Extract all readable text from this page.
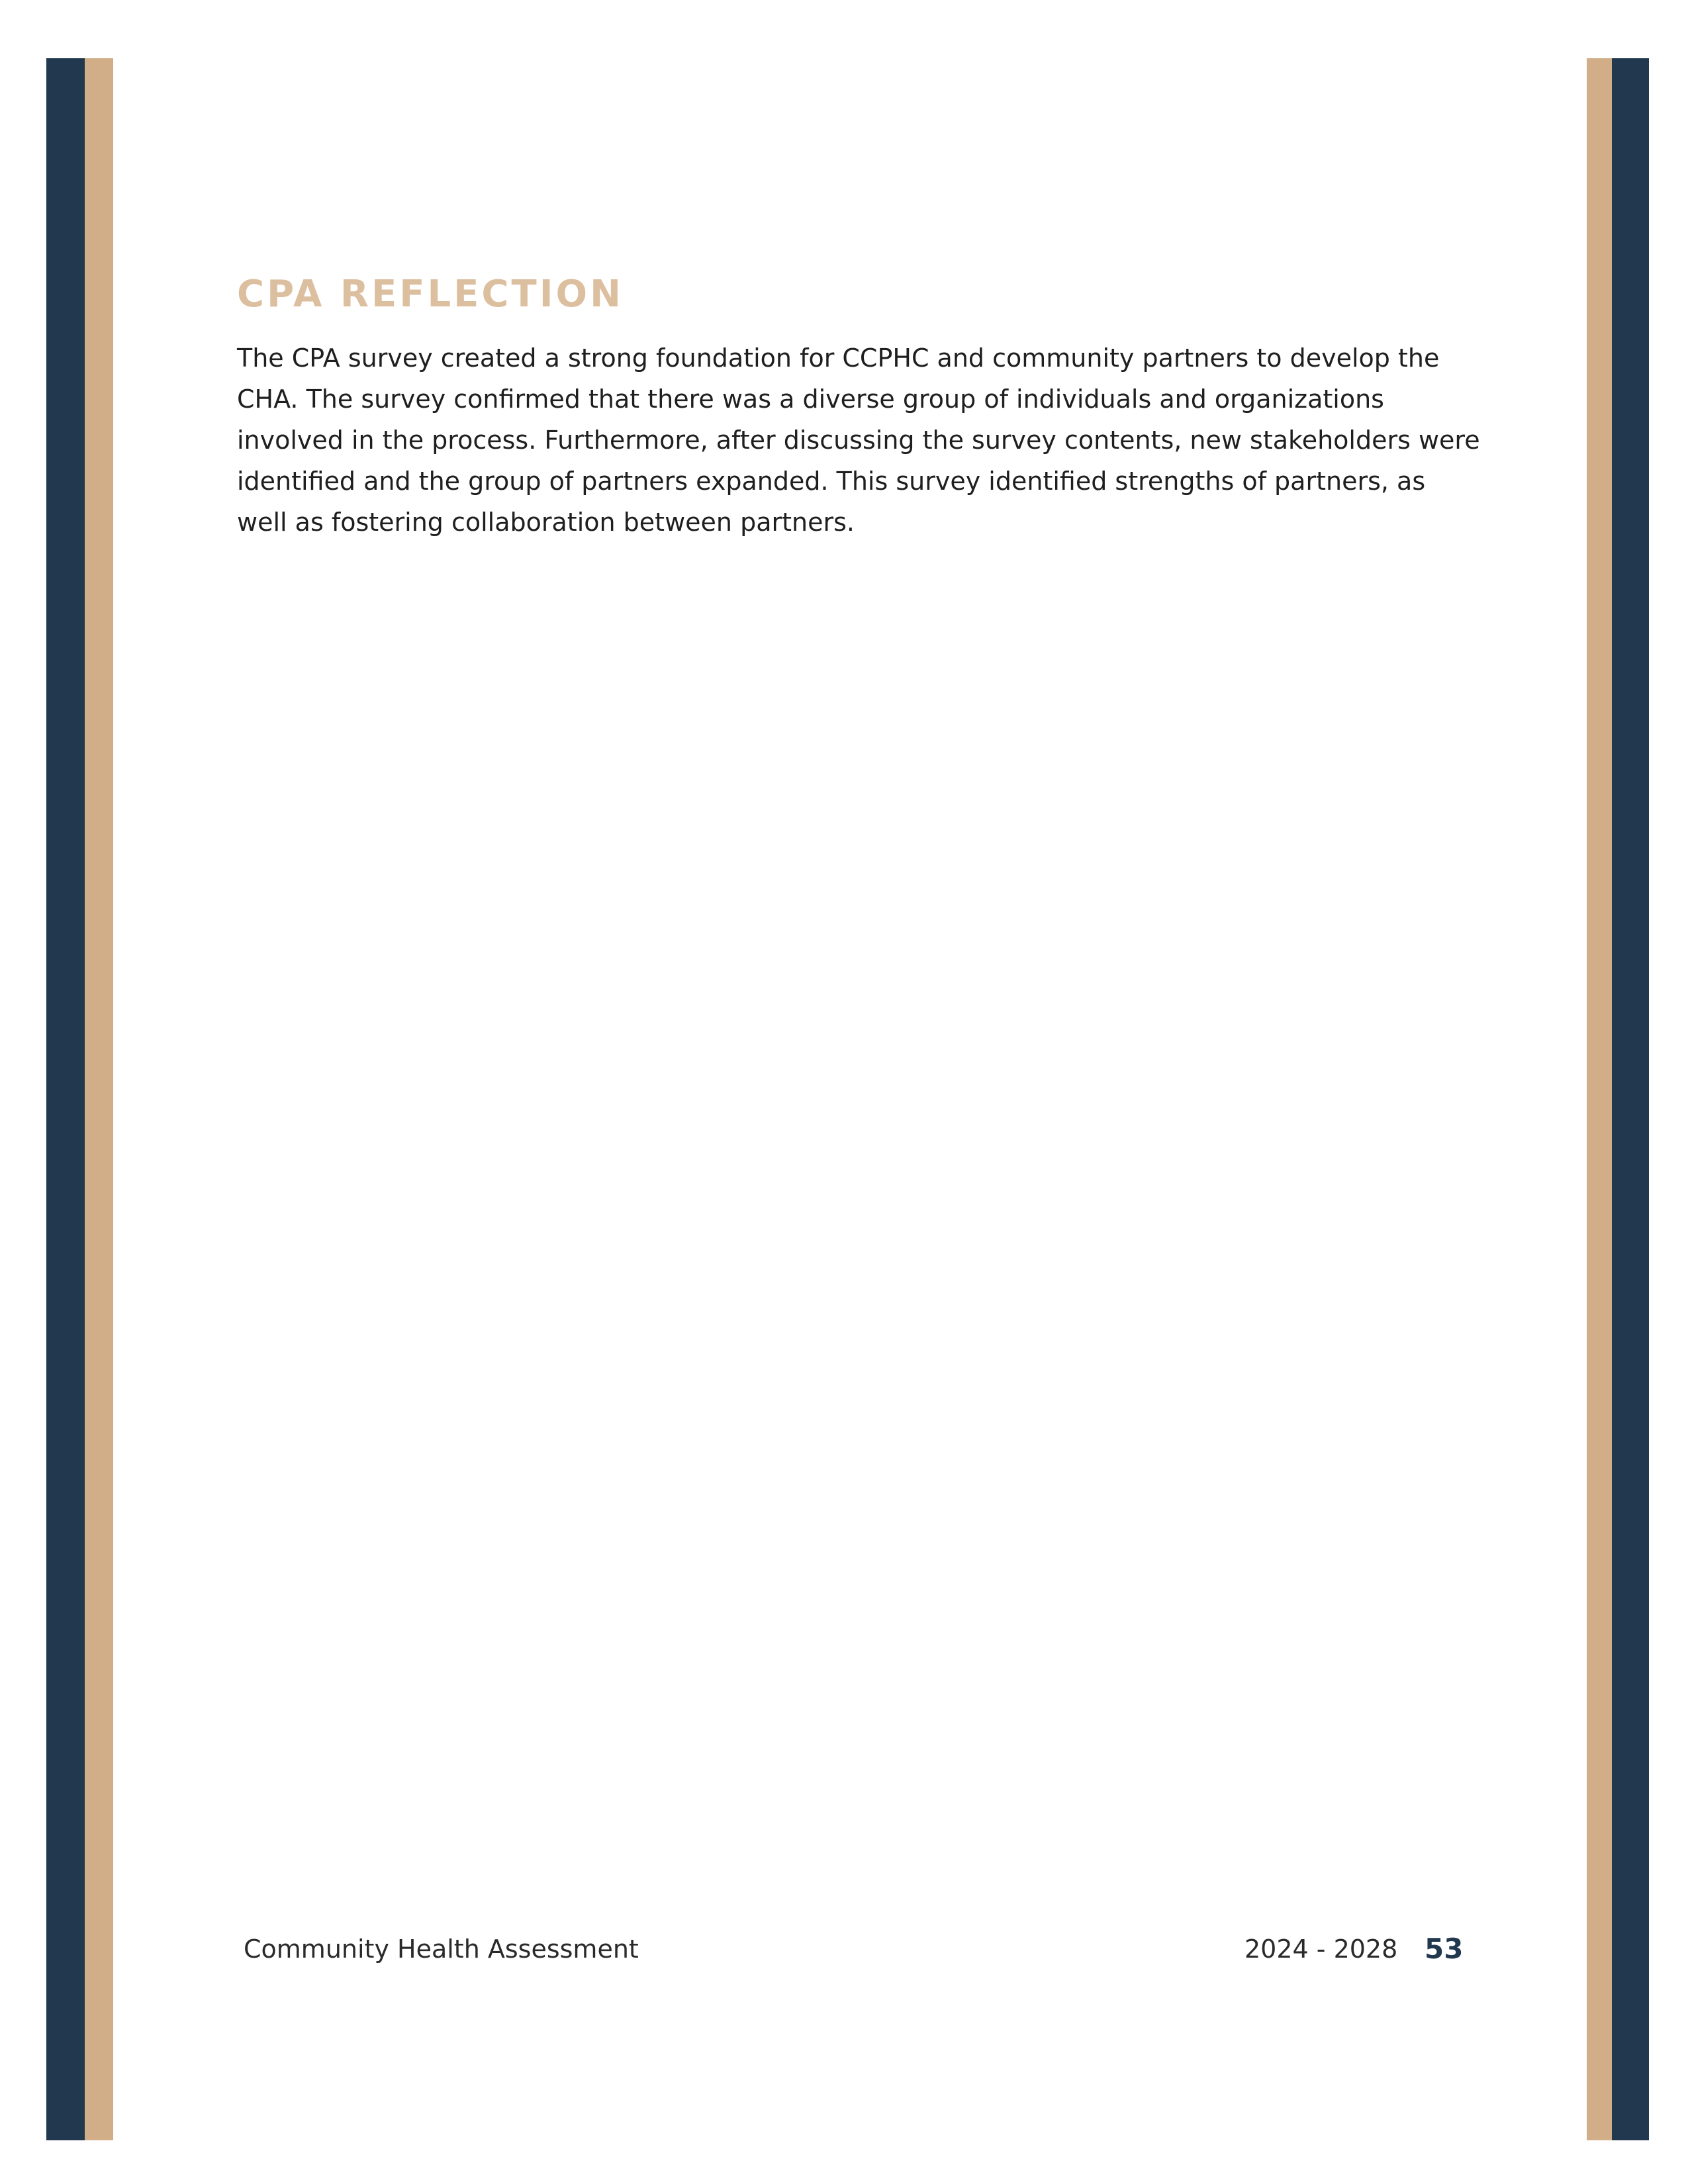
CPA REFLECTION

The CPA survey created a strong foundation for CCPHC and community partners to develop the CHA. The survey confirmed that there was a diverse group of individuals and organizations involved in the process. Furthermore, after discussing the survey contents, new stakeholders were identified and the group of partners expanded. This survey identified strengths of partners, as well as fostering collaboration between partners.

Community Health Assessment	2024 - 2028 53
